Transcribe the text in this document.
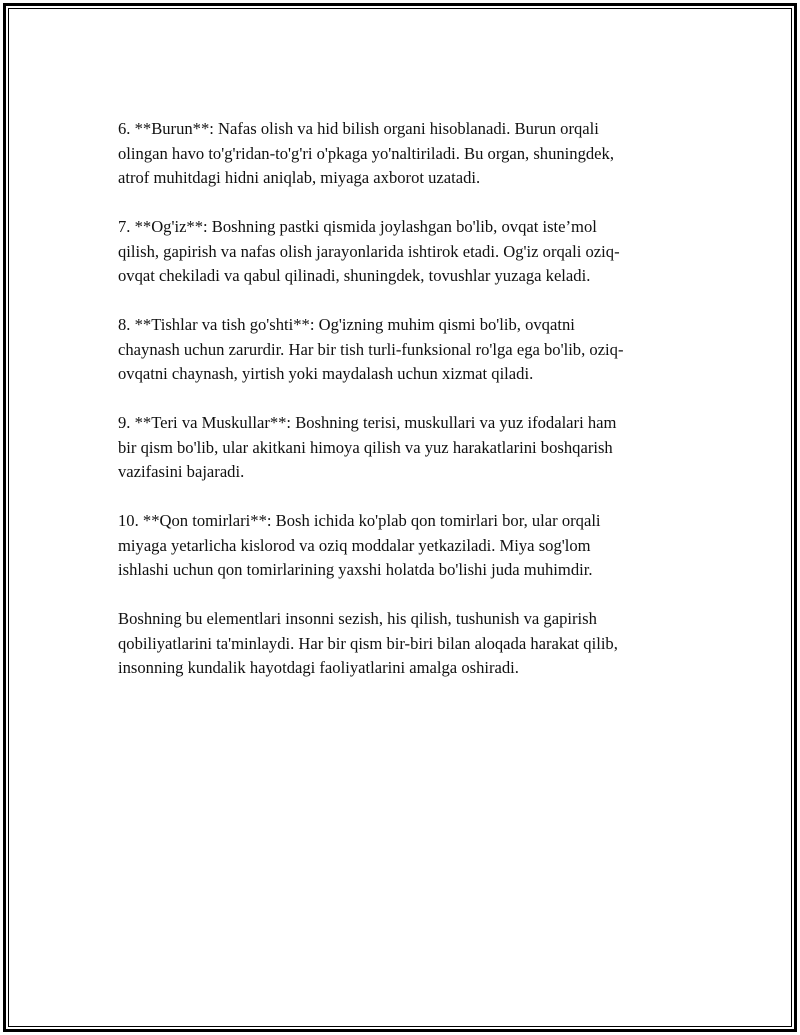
6. **Burun**: Nafas olish va hid bilish organi hisoblanadi. Burun orqali
olingan havo to'g'ridan-to'g'ri o'pkaga yo'naltiriladi. Bu organ, shuningdek,
atrof muhitdagi hidni aniqlab, miyaga axborot uzatadi.

7. **Og'iz**: Boshning pastki qismida joylashgan bo'lib, ovqat iste’mol
qilish, gapirish va nafas olish jarayonlarida ishtirok etadi. Og'iz orqali oziq-
ovqat chekiladi va qabul qilinadi, shuningdek, tovushlar yuzaga keladi.

8. **Tishlar va tish go'shti**: Og'izning muhim qismi bo'lib, ovqatni
chaynash uchun zarurdir. Har bir tish turli-funksional ro'lga ega bo'lib, oziq-
ovqatni chaynash, yirtish yoki maydalash uchun xizmat qiladi.

9. **Teri va Muskullar**: Boshning terisi, muskullari va yuz ifodalari ham
bir qism bo'lib, ular akitkani himoya qilish va yuz harakatlarini boshqarish
vazifasini bajaradi.

10. **Qon tomirlari**: Bosh ichida ko'plab qon tomirlari bor, ular orqali
miyaga yetarlicha kislorod va oziq moddalar yetkaziladi. Miya sog'lom
ishlashi uchun qon tomirlarining yaxshi holatda bo'lishi juda muhimdir.

Boshning bu elementlari insonni sezish, his qilish, tushunish va gapirish
qobiliyatlarini ta'minlaydi. Har bir qism bir-biri bilan aloqada harakat qilib,
insonning kundalik hayotdagi faoliyatlarini amalga oshiradi.
